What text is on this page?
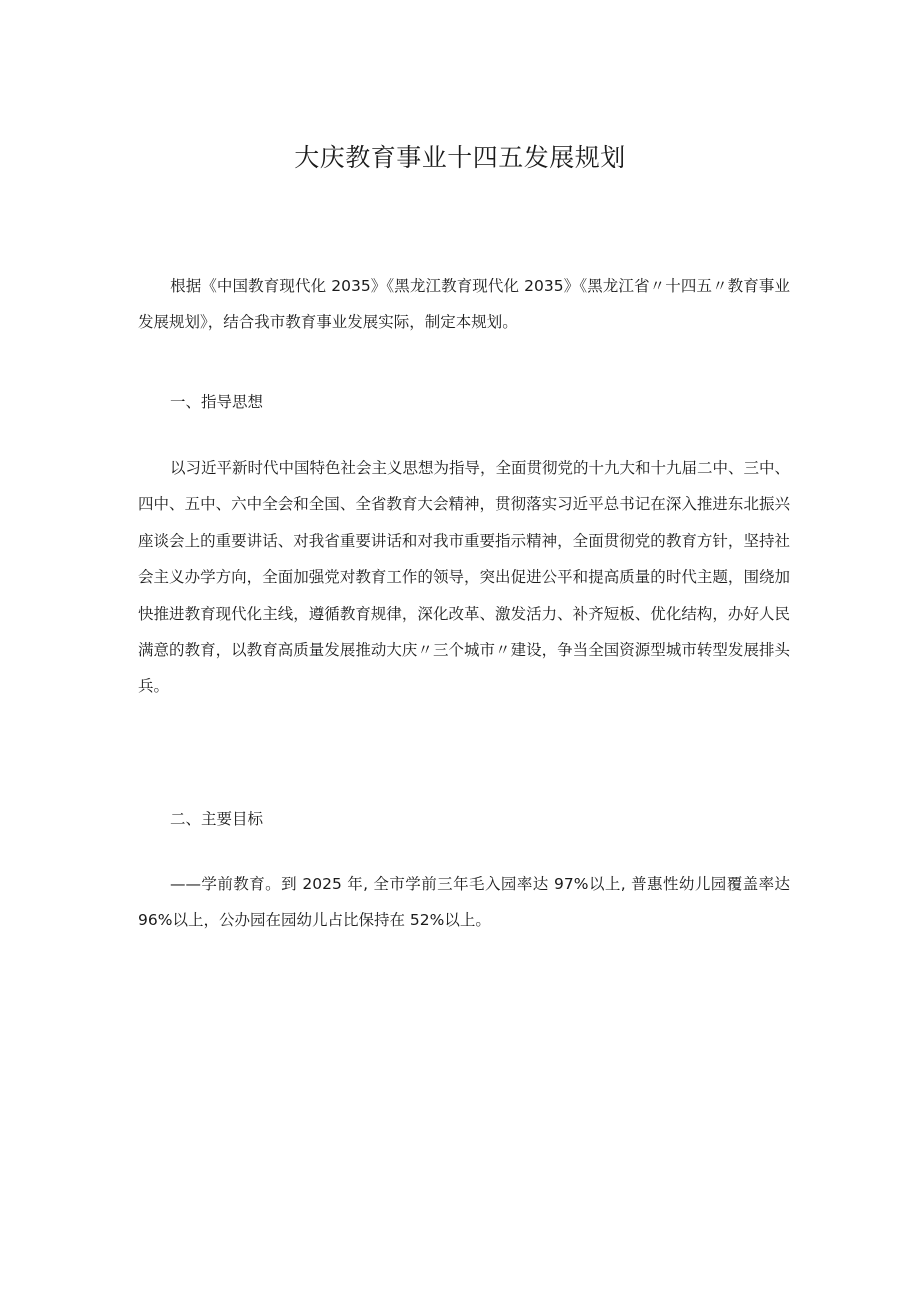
大庆教育事业十四五发展规划

根据《中国教育现代化 2035》《黑龙江教育现代化 2035》《黑龙江省〃十四五〃教育事业发展规划》，结合我市教育事业发展实际，制定本规划。

一、指导思想

以习近平新时代中国特色社会主义思想为指导，全面贯彻党的十九大和十九届二中、三中、四中、五中、六中全会和全国、全省教育大会精神，贯彻落实习近平总书记在深入推进东北振兴座谈会上的重要讲话、对我省重要讲话和对我市重要指示精神，全面贯彻党的教育方针，坚持社会主义办学方向，全面加强党对教育工作的领导，突出促进公平和提高质量的时代主题，围绕加快推进教育现代化主线，遵循教育规律，深化改革、激发活力、补齐短板、优化结构，办好人民满意的教育，以教育高质量发展推动大庆〃三个城市〃建设，争当全国资源型城市转型发展排头兵。

二、主要目标

——学前教育。到 2025 年, 全市学前三年毛入园率达 97%以上, 普惠性幼儿园覆盖率达 96%以上，公办园在园幼儿占比保持在 52%以上。
